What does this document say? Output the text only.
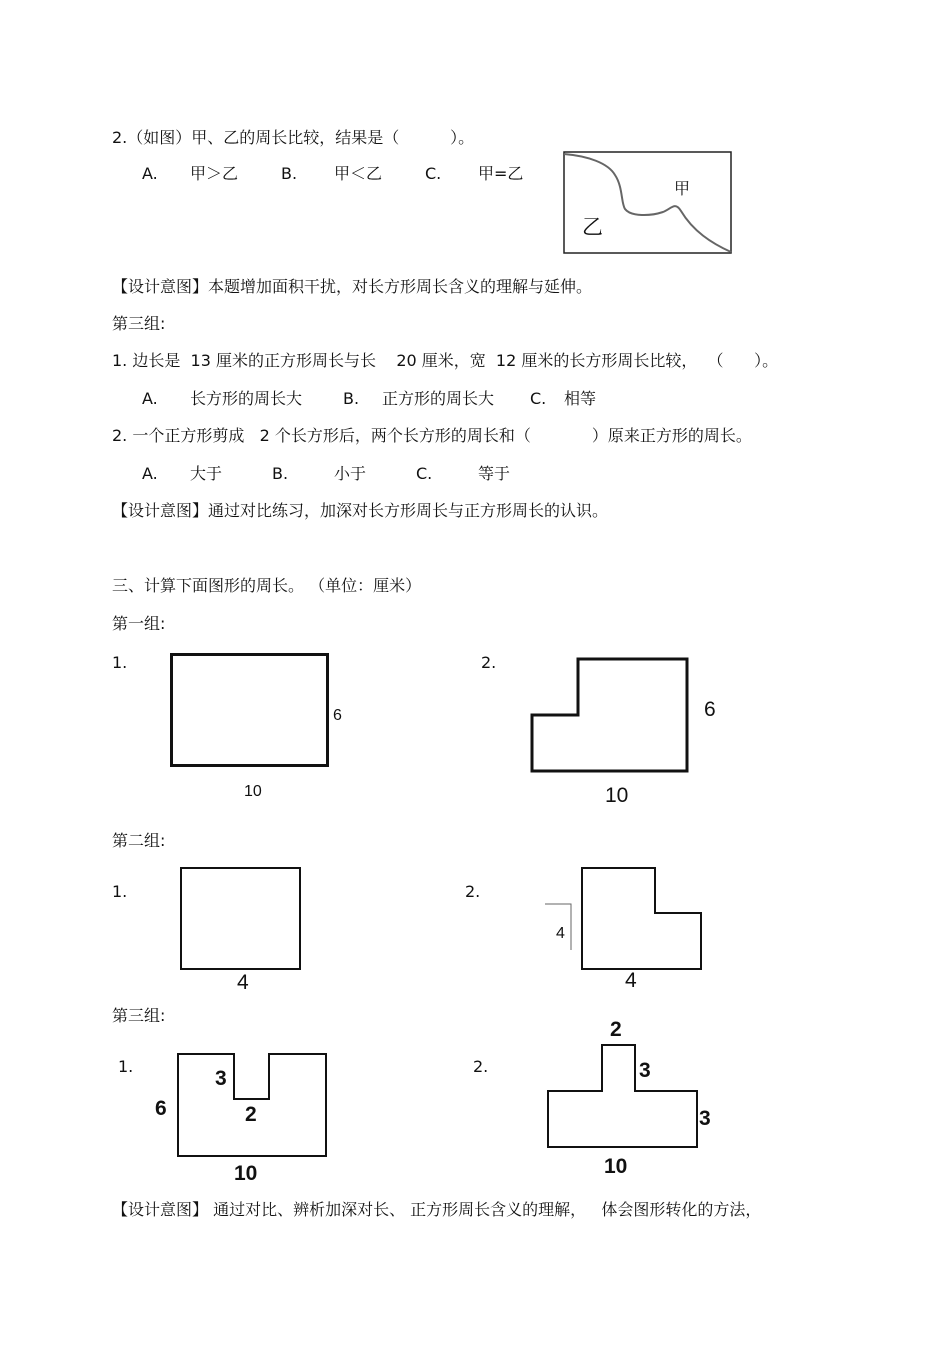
2.（如图）甲、乙的周长比较，结果是（          ）。
A. 甲＞乙	B. 甲＜乙	C. 甲=乙
甲
乙
【设计意图】本题增加面积干扰，对长方形周长含义的理解与延伸。
第三组:
1. 边长是  13 厘米的正方形周长与长    20 厘米，宽  12 厘米的长方形周长比较，  （      ）。
A. 长方形的周长大	B. 正方形的周长大 C. 相等
2. 一个正方形剪成   2 个长方形后，两个长方形的周长和（            ）原来正方形的周长。
A. 大于	B.	小于	C.	等于
【设计意图】通过对比练习，加深对长方形周长与正方形周长的认识。
三、计算下面图形的周长。 （单位：厘米）
第一组:
1.
6
10
2.
6
10
第二组:
1.
4
2.
4
4
第三组:
1.
3
2
6
10
2.
2
3
3
10
【设计意图】 通过对比、辨析加深对长、 正方形周长含义的理解，   体会图形转化的方法，
